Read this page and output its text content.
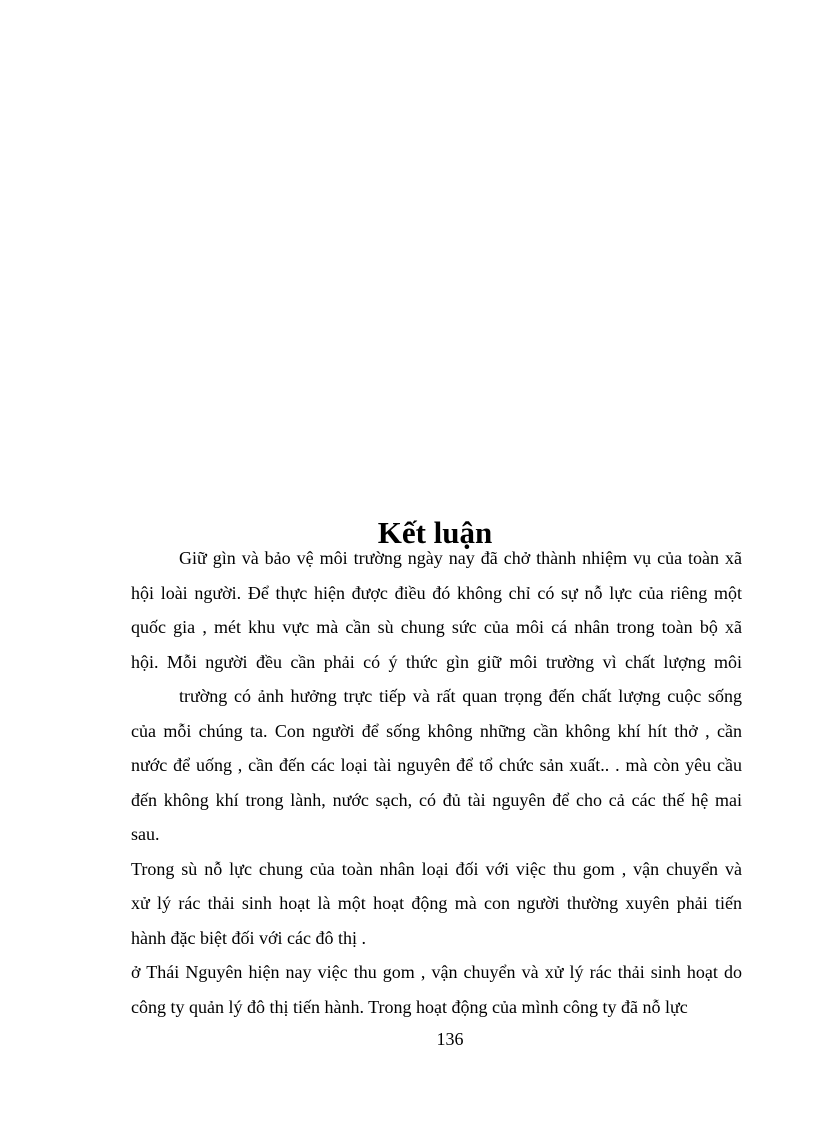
Kết luận

Giữ gìn và bảo vệ môi trường ngày nay đã chở thành nhiệm vụ của toàn xã
hội loài người. Để thực hiện được điều đó không chỉ có sự nỗ lực của riêng một
quốc gia , mét khu vực mà cần sù chung sức của môi cá nhân trong toàn bộ xã
hội. Mỗi người đều cần phải có ý thức gìn giữ môi trường vì chất lượng môi

trường có ảnh hưởng trực tiếp và rất quan trọng đến chất lượng cuộc sống
của mỗi chúng ta. Con người để sống không những cần không khí hít thở , cần
nước để uống , cần đến các loại tài nguyên để tổ chức sản xuất.. . mà còn yêu cầu
đến không khí trong lành, nước sạch, có đủ tài nguyên để cho cả các thế hệ mai
sau.

Trong sù nỗ lực chung của toàn nhân loại đối với việc thu gom , vận chuyển và
xử lý rác thải sinh hoạt là một hoạt động mà con người thường xuyên phải tiến
hành đặc biệt đối với các đô thị .

ở Thái Nguyên hiện nay việc thu gom , vận chuyển và xử lý rác thải sinh hoạt do
công ty quản lý đô thị tiến hành. Trong hoạt động của mình công ty đã nỗ lực

136
